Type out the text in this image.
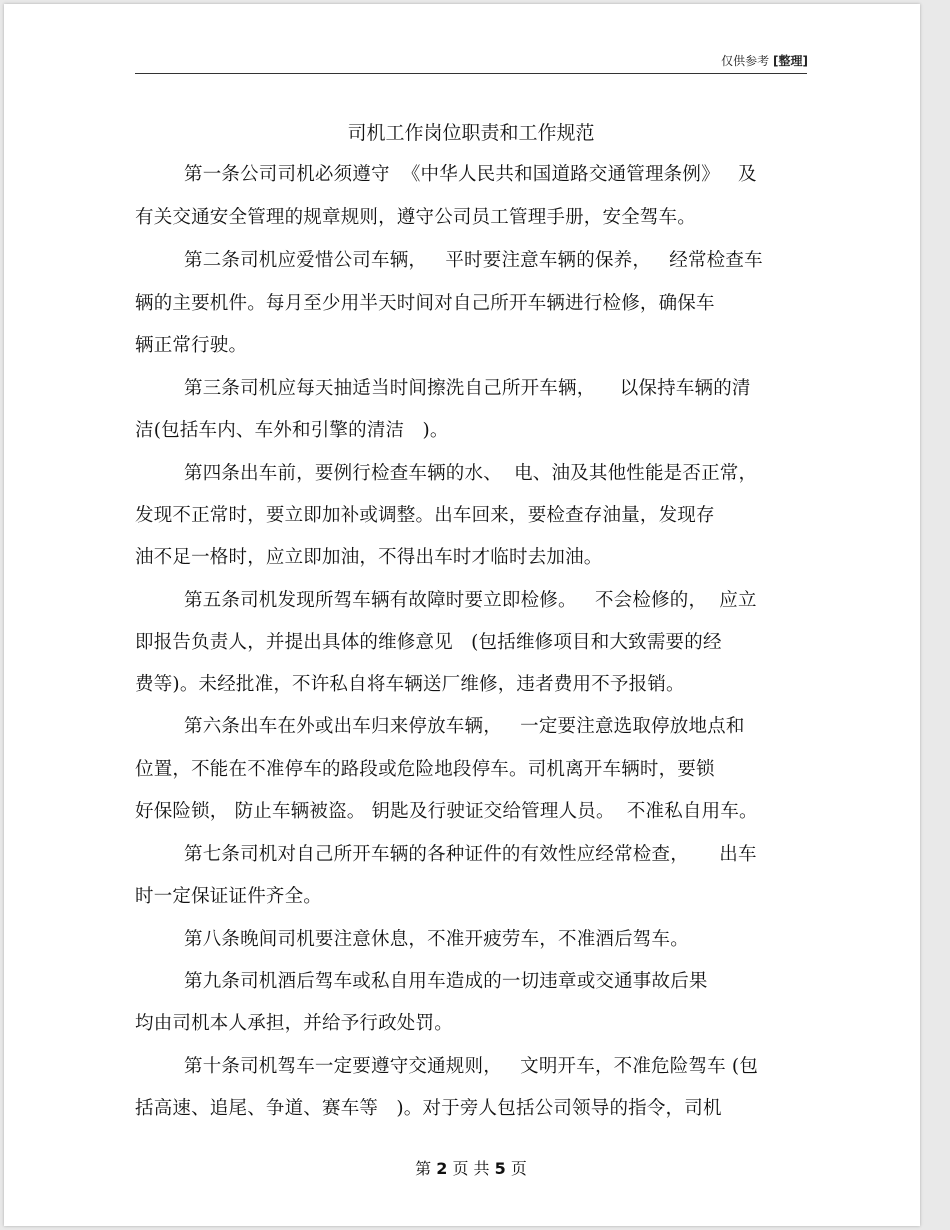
仅供参考 [整理]
司机工作岗位职责和工作规范
第一条公司司机必须遵守  《中华人民共和国道路交通管理条例》   及
有关交通安全管理的规章规则，遵守公司员工管理手册，安全驾车。
第二条司机应爱惜公司车辆，   平时要注意车辆的保养，   经常检查车
辆的主要机件。每月至少用半天时间对自己所开车辆进行检修，确保车
辆正常行驶。
第三条司机应每天抽适当时间擦洗自己所开车辆，    以保持车辆的清
洁(包括车内、车外和引擎的清洁   )。
第四条出车前，要例行检查车辆的水、  电、油及其他性能是否正常，
发现不正常时，要立即加补或调整。出车回来，要检查存油量，发现存
油不足一格时，应立即加油，不得出车时才临时去加油。
第五条司机发现所驾车辆有故障时要立即检修。   不会检修的，  应立
即报告负责人，并提出具体的维修意见   (包括维修项目和大致需要的经
费等)。未经批准，不许私自将车辆送厂维修，违者费用不予报销。
第六条出车在外或出车归来停放车辆，   一定要注意选取停放地点和
位置，不能在不准停车的路段或危险地段停车。司机离开车辆时，要锁
好保险锁， 防止车辆被盗。 钥匙及行驶证交给管理人员。  不准私自用车。
第七条司机对自己所开车辆的各种证件的有效性应经常检查，     出车
时一定保证证件齐全。
第八条晚间司机要注意休息，不准开疲劳车，不准酒后驾车。
第九条司机酒后驾车或私自用车造成的一切违章或交通事故后果
均由司机本人承担，并给予行政处罚。
第十条司机驾车一定要遵守交通规则，   文明开车，不准危险驾车 (包
括高速、追尾、争道、赛车等   )。对于旁人包括公司领导的指令，司机
第 2 页 共 5 页
